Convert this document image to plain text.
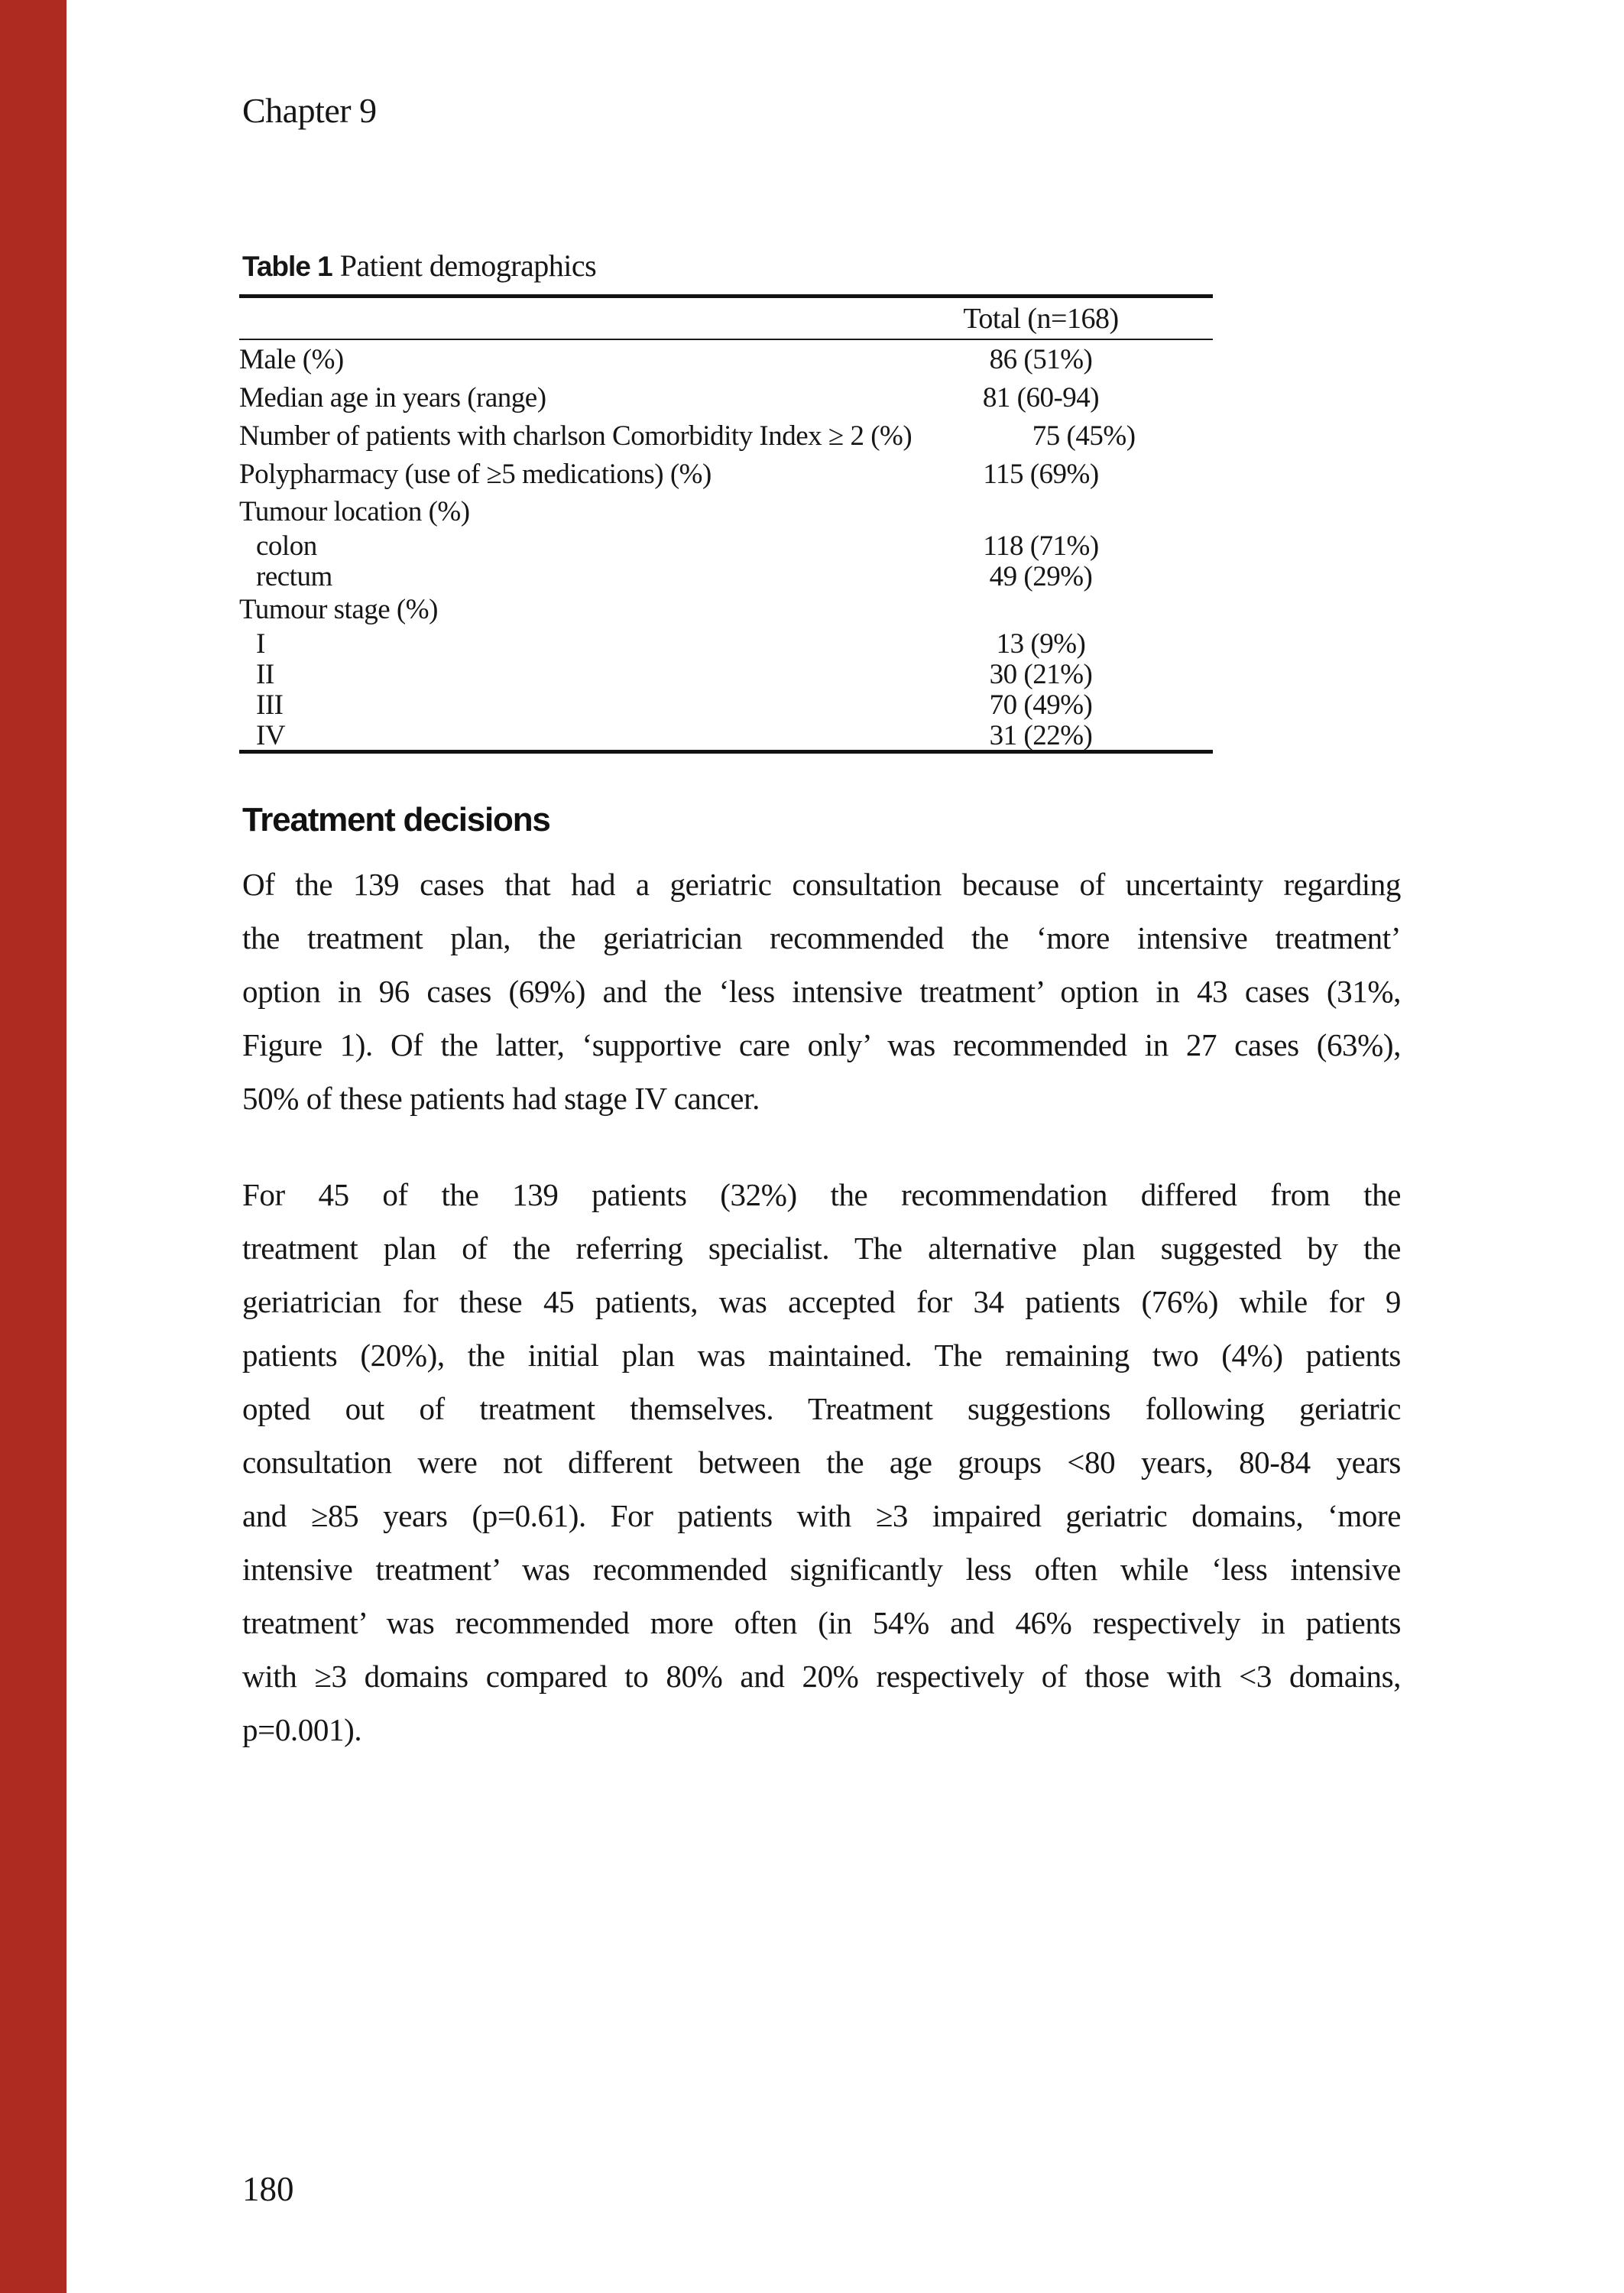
Chapter 9
Table 1 Patient demographics
Total (n=168)
Male (%)	86 (51%)
Median age in years (range)	81 (60-94)
Number of patients with charlson Comorbidity Index ≥ 2 (%)	75 (45%)
Polypharmacy (use of ≥5 medications) (%)	115 (69%)
Tumour location (%)
colon	118 (71%)
rectum	49 (29%)
Tumour stage (%)
I	13 (9%)
II	30 (21%)
III	70 (49%)
IV	31 (22%)
Treatment decisions
Of the 139 cases that had a geriatric consultation because of uncertainty regarding
the treatment plan, the geriatrician recommended the ‘more intensive treatment’
option in 96 cases (69%) and the ‘less intensive treatment’ option in 43 cases (31%,
Figure 1). Of the latter, ‘supportive care only’ was recommended in 27 cases (63%),
50% of these patients had stage IV cancer.
For 45 of the 139 patients (32%) the recommendation differed from the
treatment plan of the referring specialist. The alternative plan suggested by the
geriatrician for these 45 patients, was accepted for 34 patients (76%) while for 9
patients (20%), the initial plan was maintained. The remaining two (4%) patients
opted out of treatment themselves. Treatment suggestions following geriatric
consultation were not different between the age groups <80 years, 80-84 years
and ≥85 years (p=0.61). For patients with ≥3 impaired geriatric domains, ‘more
intensive treatment’ was recommended significantly less often while ‘less intensive
treatment’ was recommended more often (in 54% and 46% respectively in patients
with ≥3 domains compared to 80% and 20% respectively of those with <3 domains,
p=0.001).
180
